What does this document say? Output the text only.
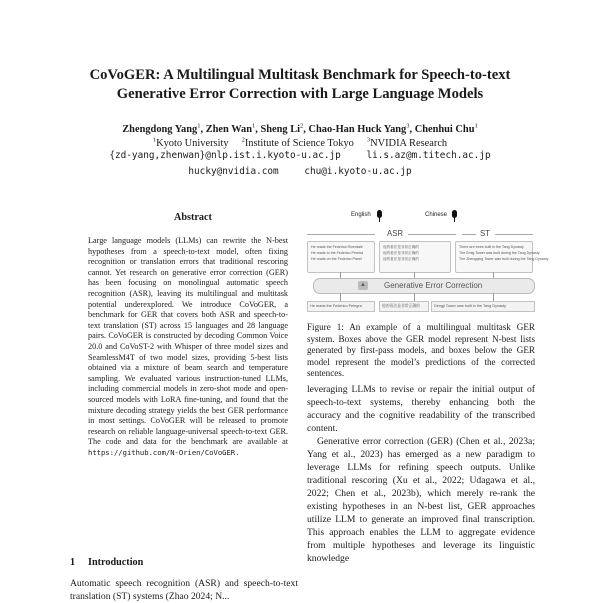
CoVoGER: A Multilingual Multitask Benchmark for Speech-to-text
Generative Error Correction with Large Language Models
Zhengdong Yang$^1$, Zhen Wan$^1$, Sheng Li$^2$, Chao-Han Huck Yang$^3$, Chenhui Chu$^1$
$^1$Kyoto University $^2$Institute of Science Tokyo $^3$NVIDIA Research
{zd-yang,zhenwan}@nlp.ist.i.kyoto-u.ac.jp	li.s.az@m.titech.ac.jp
hucky@nvidia.com	chu@i.kyoto-u.ac.jp
Abstract

Large language models (LLMs) can rewrite the N-best hypotheses from a speech-to-text model, often fixing recognition or translation errors that traditional rescoring cannot. Yet research on generative error correction (GER) has been focusing on monolingual automatic speech recognition (ASR), leaving its multilingual and multitask potential underexplored. We introduce CoVoGER, a benchmark for GER that covers both ASR and speech-to-text translation (ST) across 15 languages and 28 language pairs. CoVoGER is constructed by decoding Common Voice 20.0 and CoVoST-2 with Whisper of three model sizes and SeamlessM4T of two model sizes, providing 5-best lists obtained via a mixture of beam search and temperature sampling. We evaluated various instruction-tuned LLMs, including commercial models in zero-shot mode and open-sourced models with LoRA fine-tuning, and found that the mixture decoding strategy yields the best GER performance in most settings. CoVoGER will be released to promote research on reliable language-universal speech-to-text GER. The code and data for the benchmark are available at https://github.com/N-Orien/CoVoGER.

1 Introduction
Automatic speech recognition (ASR) and speech-to-text translation (ST) systems (Zhao 2024; N...
English	Chinese
ASR	ST
He reads the Federica Riverdale
He reads to the Federico Pereira
He reads on the Federico Panel
他的看法是非常正确的
他的看法是非常正确的
他的看法是非常正确的
There are trees built in the Tang Dynasty
The Emig Tower was built during the Tang Dynasty
The Zhengqing Tower was built during the Tang Dynasty
▲ Generative Error Correction
He reads the Federico Pelegra	他的看法是非常正确的	Dengji Tower was built in the Tang Dynasty
Figure 1: An example of a multilingual multitask GER system. Boxes above the GER model represent N-best lists generated by first-pass models, and boxes below the GER model represent the model’s predictions of the corrected sentences.

leveraging LLMs to revise or repair the initial output of speech-to-text systems, thereby enhancing both the accuracy and the cognitive readability of the transcribed content.

Generative error correction (GER) (Chen et al., 2023a; Yang et al., 2023) has emerged as a new paradigm to leverage LLMs for refining speech outputs. Unlike traditional rescoring (Xu et al., 2022; Udagawa et al., 2022; Chen et al., 2023b), which merely re-rank the existing hypotheses in an N-best list, GER approaches utilize LLM to generate an improved final transcription. This approach enables the LLM to aggregate evidence from multiple hypotheses and leverage its linguistic knowledge
